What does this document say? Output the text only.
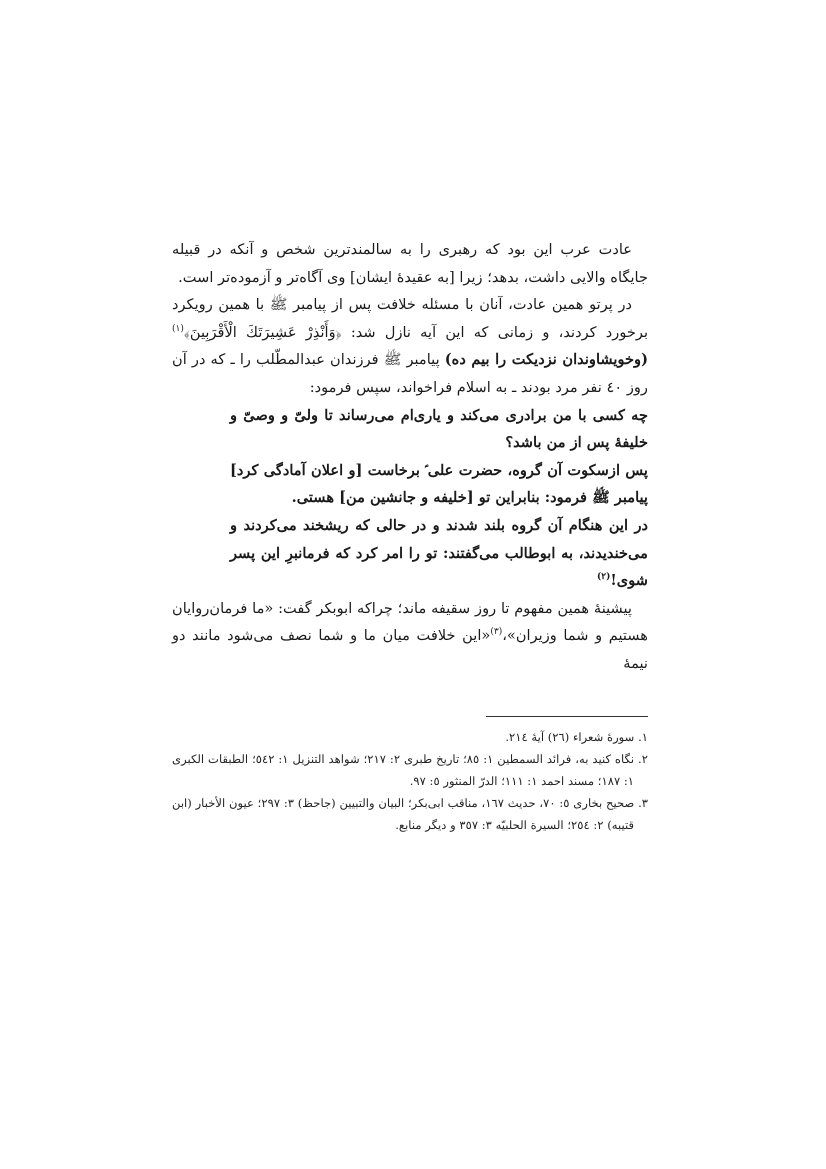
عادت عرب این بود که رهبری را به سالمندترین شخص و آنکه در قبیله جایگاه والایی داشت، بدهد؛ زیرا [به عقیدۀ ایشان] وی آگاه‌تر و آزموده‌تر است.

در پرتو همین عادت، آنان با مسئله خلافت پس از پیامبر ﷺ با همین رویکرد برخورد کردند، و زمانی که این آیه نازل شد: ﴿وَأَنْذِرْ عَشِيرَتَكَ الْأَقْرَبِينَ﴾$^{(١)}$ (وخویشاوندان نزدیکت را بیم ده) پیامبر ﷺ فرزندان عبدالمطّلب را ـ که در آن روز ٤٠ نفر مرد بودند ـ به اسلام فراخواند، سپس فرمود:

چه کسی با من برادری می‌کند و یاری‌ام می‌رساند تا ولیّ و وصیّ و خلیفۀ پس از من باشد؟

پس ازسکوت آن گروه، حضرت علی ؑ برخاست [و اعلان آمادگی کرد] پیامبر ﷺ فرمود: بنابراین تو [خلیفه و جانشین من] هستی.

در این هنگام آن گروه بلند شدند و در حالی که ریشخند می‌کردند و می‌خندیدند، به ابوطالب می‌گفتند: تو را امر کرد که فرمانبرِ این پسر شوی!$^{(٢)}$

پیشینۀ همین مفهوم تا روز سقیفه ماند؛ چراکه ابوبکر گفت: «ما فرمان‌روایان هستیم و شما وزیران»،$^{(٣)}$«این خلافت میان ما و شما نصف می‌شود مانند دو نیمۀ

١. سورۀ شعراء (٢٦) آیۀ ٢١٤.

٢. نگاه کنید به، فرائد السمطین ١: ٨٥؛ تاریخ طبری ٢: ٢١٧؛ شواهد التنزیل ١: ٥٤٢؛ الطبقات الکبری ١: ١٨٧؛ مسند احمد ١: ١١١؛ الدرّ المنثور ٥: ٩٧.

٣. صحیح بخاری ٥: ٧٠، حدیث ١٦٧، مناقب ابی‌بکر؛ البیان والتبیین (جاحظ) ٣: ٢٩٧؛ عیون الأخبار (ابن قتیبه) ٢: ٢٥٤؛ السیرة الحلبیّه ٣: ٣٥٧ و دیگر منابع.
